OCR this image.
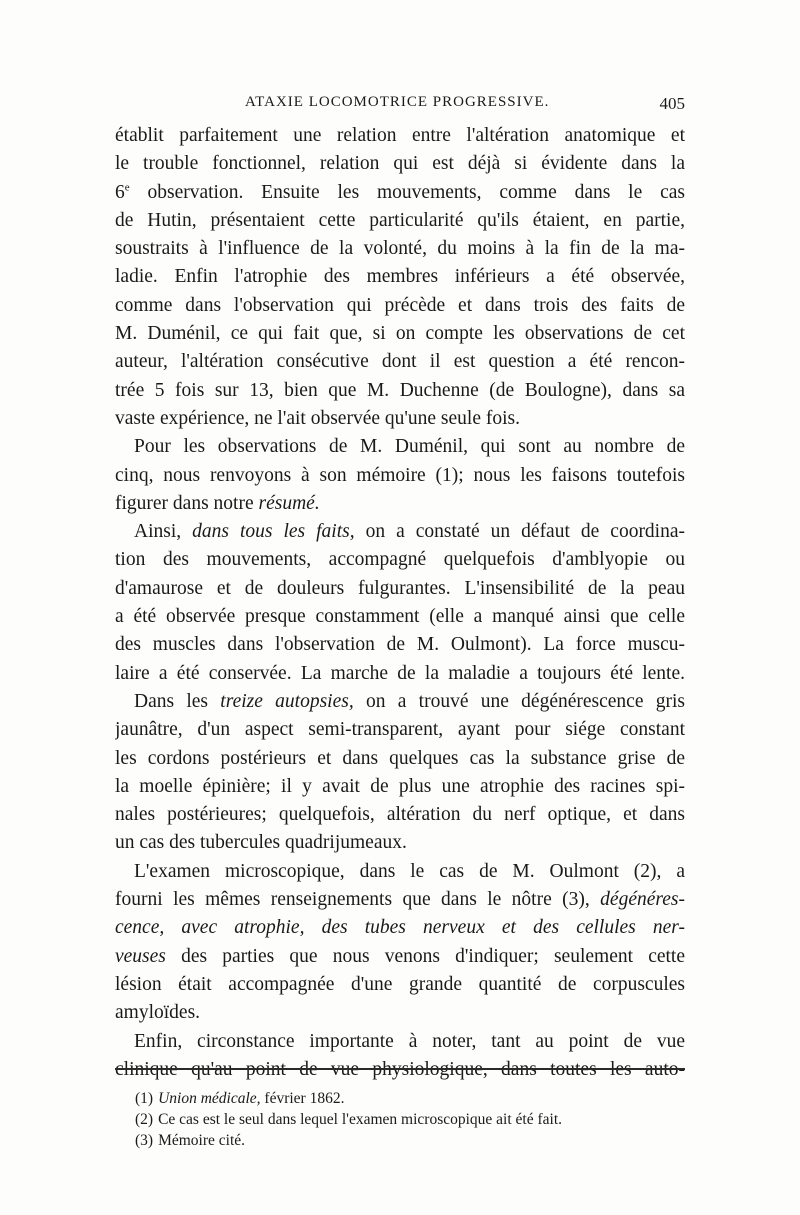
ATAXIE LOCOMOTRICE PROGRESSIVE.	405
établit parfaitement une relation entre l'altération anatomique et
le trouble fonctionnel, relation qui est déjà si évidente dans la
6e observation. Ensuite les mouvements, comme dans le cas
de Hutin, présentaient cette particularité qu'ils étaient, en partie,
soustraits à l'influence de la volonté, du moins à la fin de la ma-
ladie. Enfin l'atrophie des membres inférieurs a été observée,
comme dans l'observation qui précède et dans trois des faits de
M. Duménil, ce qui fait que, si on compte les observations de cet
auteur, l'altération consécutive dont il est question a été rencon-
trée 5 fois sur 13, bien que M. Duchenne (de Boulogne), dans sa
vaste expérience, ne l'ait observée qu'une seule fois.
Pour les observations de M. Duménil, qui sont au nombre de
cinq, nous renvoyons à son mémoire (1); nous les faisons toutefois
figurer dans notre résumé.
Ainsi, dans tous les faits, on a constaté un défaut de coordina-
tion des mouvements, accompagné quelquefois d'amblyopie ou
d'amaurose et de douleurs fulgurantes. L'insensibilité de la peau
a été observée presque constamment (elle a manqué ainsi que celle
des muscles dans l'observation de M. Oulmont). La force muscu-
laire a été conservée. La marche de la maladie a toujours été lente.
Dans les treize autopsies, on a trouvé une dégénérescence gris
jaunâtre, d'un aspect semi-transparent, ayant pour siége constant
les cordons postérieurs et dans quelques cas la substance grise de
la moelle épinière; il y avait de plus une atrophie des racines spi-
nales postérieures; quelquefois, altération du nerf optique, et dans
un cas des tubercules quadrijumeaux.
L'examen microscopique, dans le cas de M. Oulmont (2), a
fourni les mêmes renseignements que dans le nôtre (3), dégénéres-
cence, avec atrophie, des tubes nerveux et des cellules ner-
veuses des parties que nous venons d'indiquer; seulement cette
lésion était accompagnée d'une grande quantité de corpuscules
amyloïdes.
Enfin, circonstance importante à noter, tant au point de vue
clinique qu'au point de vue physiologique, dans toutes les auto-
(1) Union médicale, février 1862.
(2) Ce cas est le seul dans lequel l'examen microscopique ait été fait.
(3) Mémoire cité.
